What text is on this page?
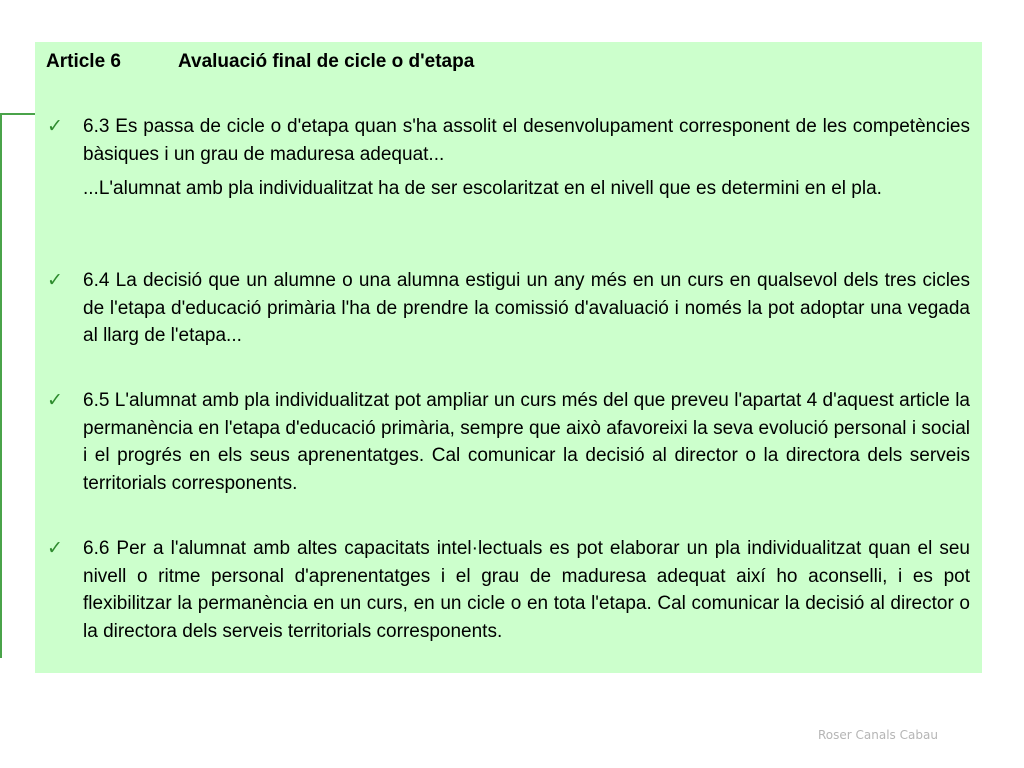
Article 6	Avaluació final de cicle o d'etapa
✓ 6.3 Es passa de cicle o d'etapa quan s'ha assolit el desenvolupament corresponent de les competències bàsiques i un grau de maduresa adequat...
...L'alumnat amb pla individualitzat ha de ser escolaritzat en el nivell que es determini en el pla.
✓ 6.4 La decisió que un alumne o una alumna estigui un any més en un curs en qualsevol dels tres cicles de l'etapa d'educació primària l'ha de prendre la comissió d'avaluació i només la pot adoptar una vegada al llarg de l'etapa...
✓ 6.5 L'alumnat amb pla individualitzat pot ampliar un curs més del que preveu l'apartat 4 d'aquest article la permanència en l'etapa d'educació primària, sempre que això afavoreixi la seva evolució personal i social i el progrés en els seus aprenentatges. Cal comunicar la decisió al director o la directora dels serveis territorials corresponents.
✓ 6.6 Per a l'alumnat amb altes capacitats intel·lectuals es pot elaborar un pla individualitzat quan el seu nivell o ritme personal d'aprenentatges i el grau de maduresa adequat així ho aconselli, i es pot flexibilitzar la permanència en un curs, en un cicle o en tota l'etapa. Cal comunicar la decisió al director o la directora dels serveis territorials corresponents.
Roser Canals Cabau
